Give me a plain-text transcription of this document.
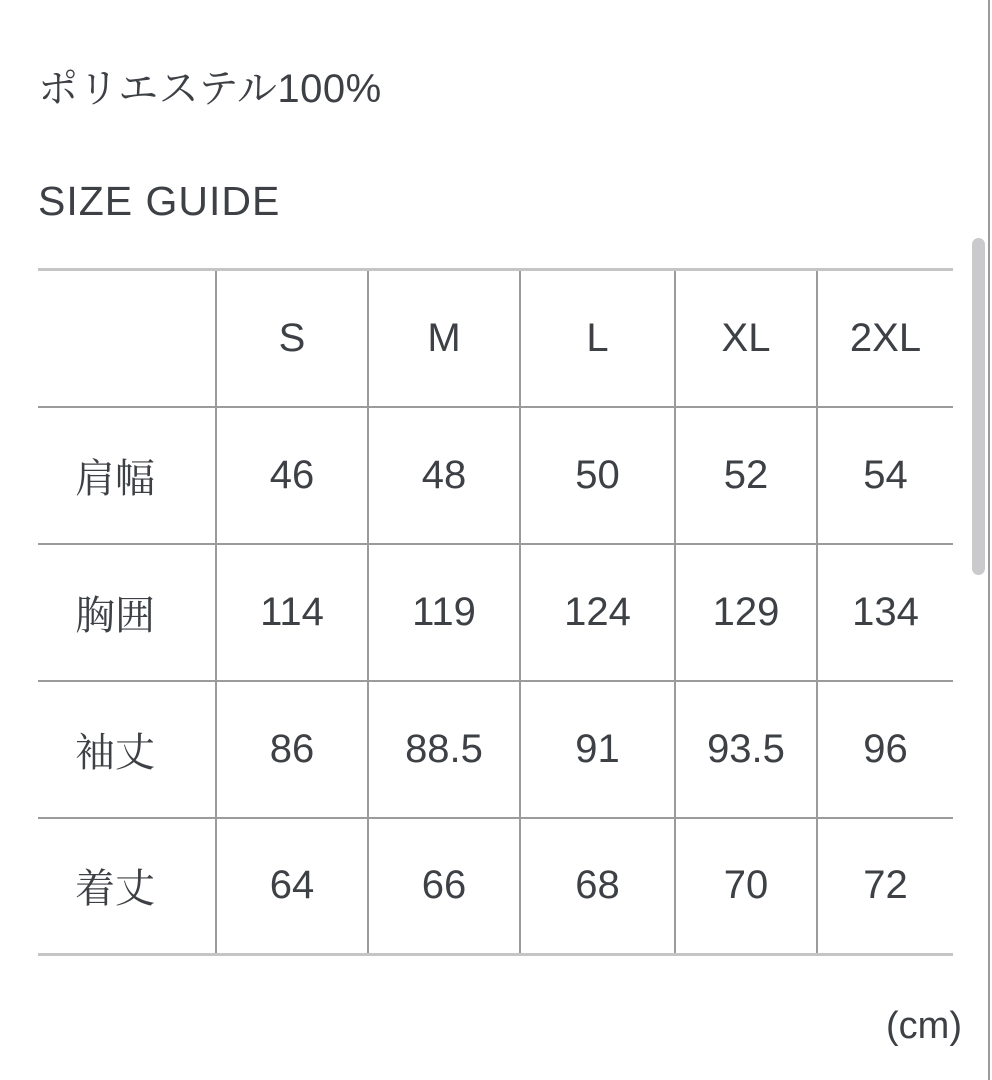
ポリエステル100%
SIZE GUIDE
	S	M	L	XL	2XL
肩幅	46	48	50	52	54
胸囲	114	119	124	129	134
袖丈	86	88.5	91	93.5	96
着丈	64	66	68	70	72
(cm)
